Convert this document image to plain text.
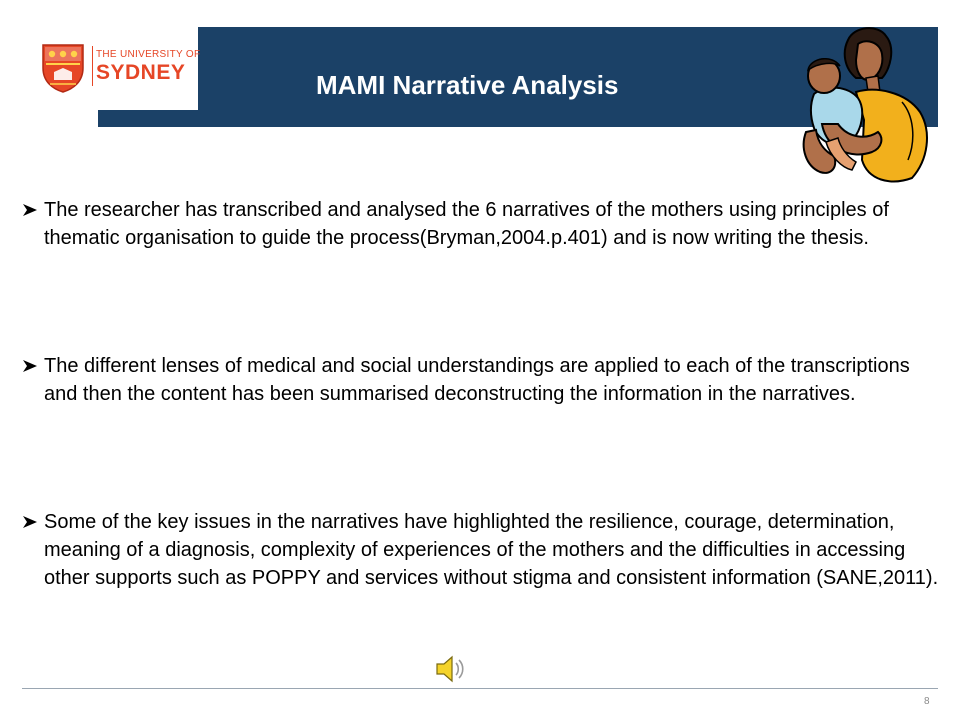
THE UNIVERSITY OF
SYDNEY	MAMI Narrative Analysis
The researcher has transcribed and analysed the 6 narratives of the mothers using principles of thematic organisation to guide the process(Bryman,2004.p.401) and is now writing the thesis.
The different lenses of medical and social understandings are applied to each of the transcriptions and then the content has been summarised deconstructing the information in the narratives.
Some of the key issues in the narratives have highlighted the resilience, courage, determination, meaning of a diagnosis, complexity of experiences of the mothers and the difficulties in accessing other supports such as POPPY and services without stigma and consistent information (SANE,2011).
8
